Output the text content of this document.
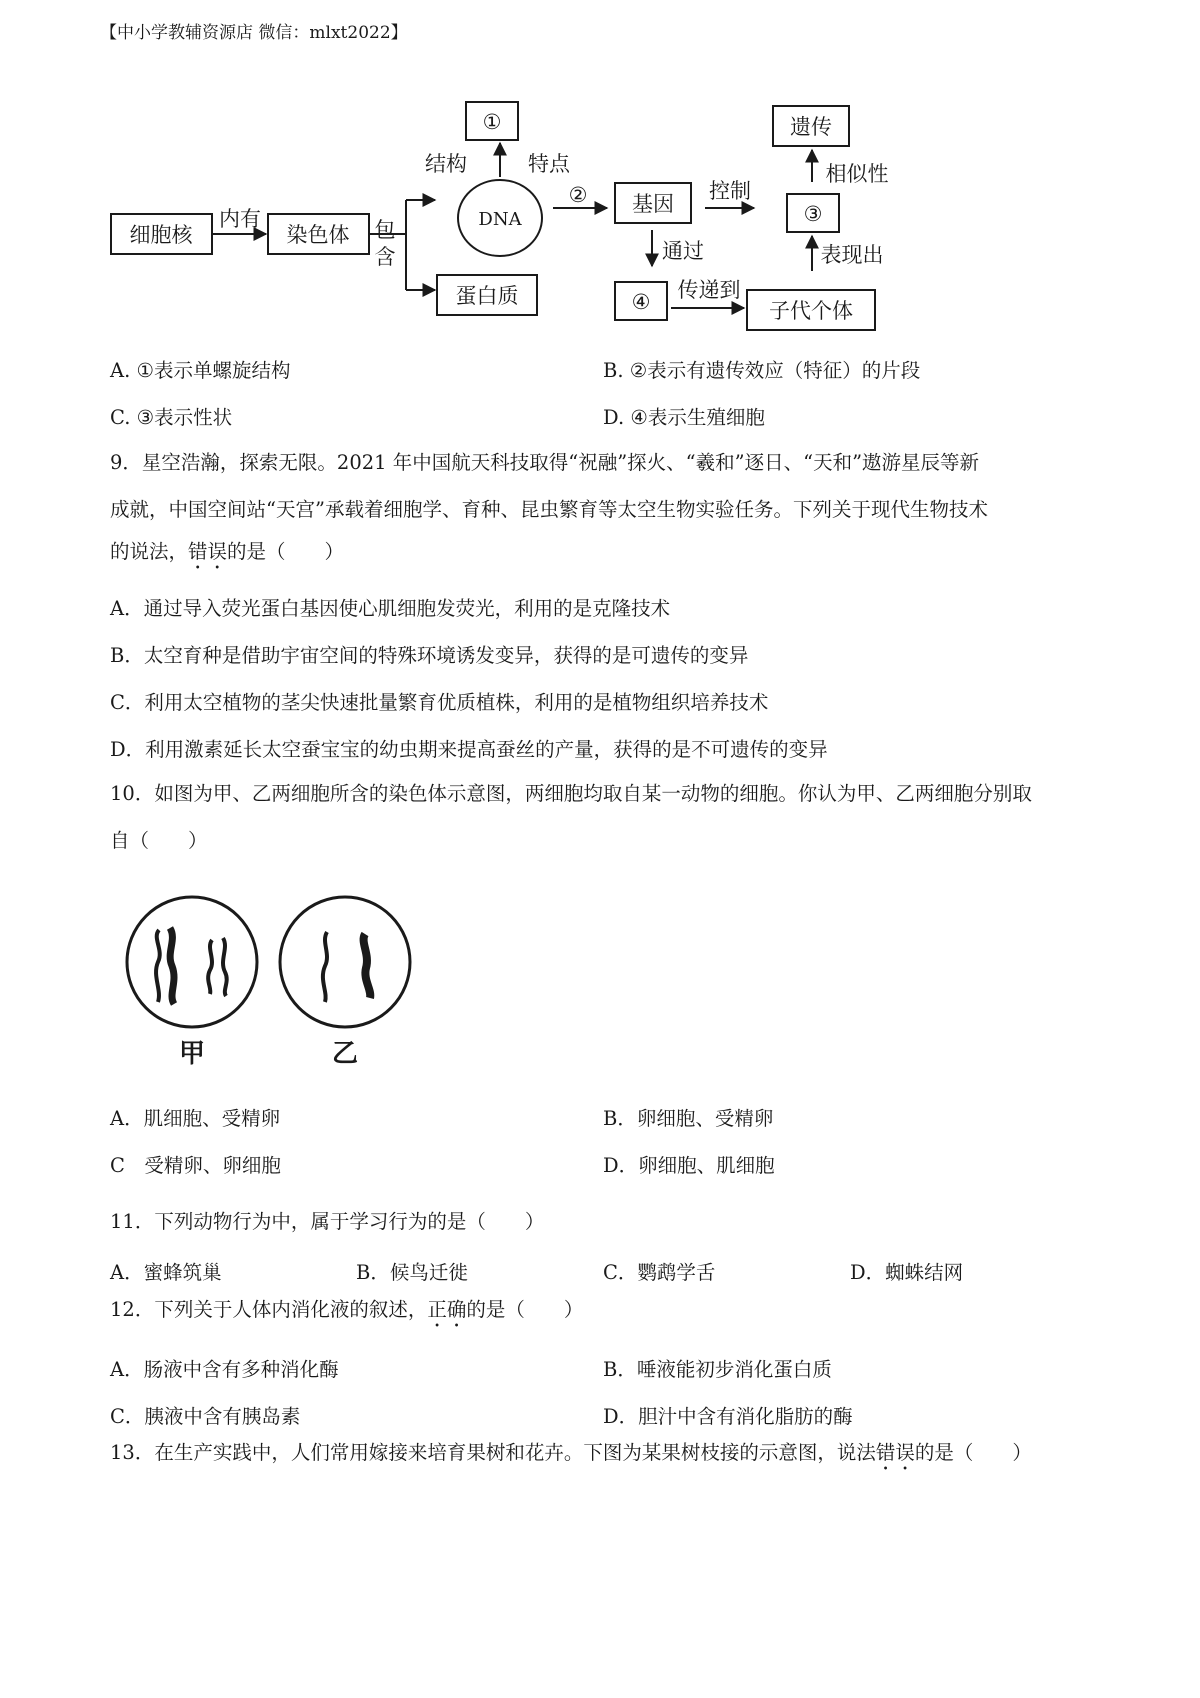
【中小学教辅资源店 微信：mlxt2022】
细胞核
内有
染色体 包
含
结构	特点
①
DNA
蛋白质
② 基因
控制
遗传
相似性
③
表现出
通过
④ 传递到
子代个体
A. ①表示单螺旋结构	B. ②表示有遗传效应（特征）的片段
C. ③表示性状	D. ④表示生殖细胞
9．星空浩瀚，探索无限。2021 年中国航天科技取得“祝融”探火、“羲和”逐日、“天和”遨游星辰等新
成就，中国空间站“天宫”承载着细胞学、育种、昆虫繁育等太空生物实验任务。下列关于现代生物技术
的说法，错误的是（　　）
A．通过导入荧光蛋白基因使心肌细胞发荧光，利用的是克隆技术
B．太空育种是借助宇宙空间的特殊环境诱发变异，获得的是可遗传的变异
C．利用太空植物的茎尖快速批量繁育优质植株，利用的是植物组织培养技术
D．利用激素延长太空蚕宝宝的幼虫期来提高蚕丝的产量，获得的是不可遗传的变异
10．如图为甲、乙两细胞所含的染色体示意图，两细胞均取自某一动物的细胞。你认为甲、乙两细胞分别取
自（　　）
甲	乙
A．肌细胞、受精卵	B．卵细胞、受精卵
C　受精卵、卵细胞	D．卵细胞、肌细胞
11．下列动物行为中，属于学习行为的是（　　）
A．蜜蜂筑巢	B．候鸟迁徙	C．鹦鹉学舌	D．蜘蛛结网
12．下列关于人体内消化液的叙述，正确的是（　　）
A．肠液中含有多种消化酶	B．唾液能初步消化蛋白质
C．胰液中含有胰岛素	D．胆汁中含有消化脂肪的酶
13．在生产实践中，人们常用嫁接来培育果树和花卉。下图为某果树枝接的示意图，说法错误的是（　　）
